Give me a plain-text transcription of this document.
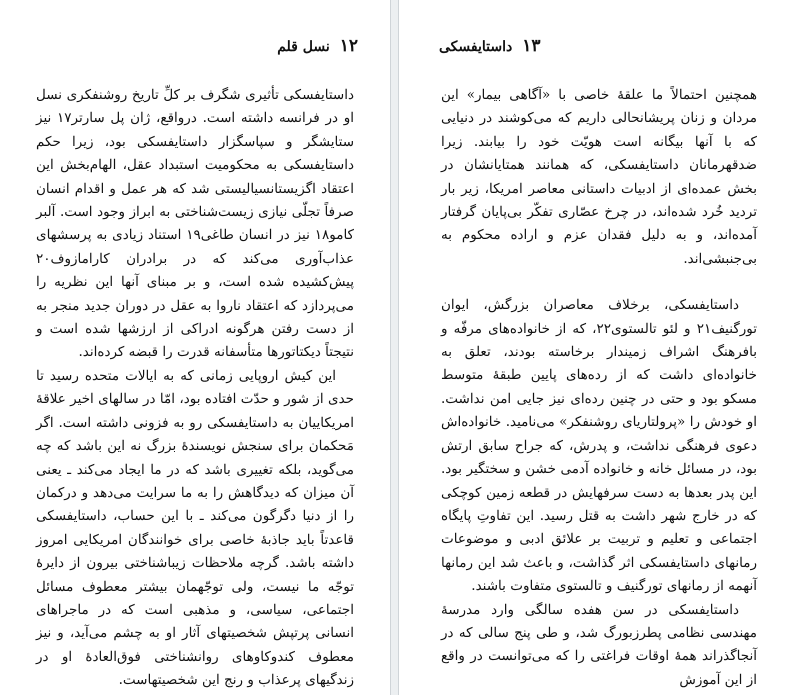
۱۲نسل قلم

داستایفسکی تأثیری شگرف بر کلِّ تاریخ روشنفکری نسل او در فرانسه داشته است. درواقع، ژان پل سارتر۱۷ نیز ستایشگر و سپاسگزار داستایفسکی بود، زیرا حکم داستایفسکی به محکومیت استبداد عقل، الهام‌بخش این اعتقاد اگزیستانسیالیستی شد که هر عمل و اقدام انسان صرفاً تجلّی نیازی زیست‌شناختی به ابراز وجود است. آلبر کامو۱۸ نیز در انسان طاغی۱۹ استناد زیادی به پرسشهای عذاب‌آوری می‌کند که در برادران کارامازوف۲۰ پیش‌کشیده شده است، و بر مبنای آنها این نظریه را می‌پردازد که اعتقاد ناروا به عقل در دوران جدید منجر به از دست رفتن هرگونه ادراکی از ارزشها شده است و نتیجتاً دیکتاتورها متأسفانه قدرت را قبضه کرده‌اند.

این کیش اروپایی زمانی که به ایالات متحده رسید تا حدی از شور و حدّت افتاده بود، امّا در سالهای اخیر علاقهٔ امریکاییان به داستایفسکی رو به فزونی داشته است. اگر مَحکمان برای سنجش نویسندهٔ بزرگ نه این باشد که چه می‌گوید، بلکه تغییری باشد که در ما ایجاد می‌کند ـ یعنی آن میزان که دیدگاهش را به ما سرایت می‌دهد و درکمان را از دنیا دگرگون می‌کند ـ با این حساب، داستایفسکی قاعدتاً باید جاذبهٔ خاصی برای خوانندگان امریکایی امروز داشته باشد. گرچه ملاحظات زیباشناختی بیرون از دایرهٔ توجّه ما نیست، ولی توجّهمان بیشتر معطوف مسائل اجتماعی، سیاسی، و مذهبی است که در ماجراهای انسانی پرتپش شخصیتهای آثار او به چشم می‌آید، و نیز معطوف کندوکاوهای روانشناختی فوق‌العادهٔ او در زندگیهای پرعذاب و رنج این شخصیتهاست.

۱۳داستایفسکی

همچنین احتمالاً ما علقهٔ خاصی با «آگاهی بیمار» این مردان و زنان پریشانحالی داریم که می‌کوشند در دنیایی که با آنها بیگانه است هویّت خود را بیابند. زیرا ضدقهرمانان داستایفسکی، که همانند همتایانشان در بخش عمده‌ای از ادبیات داستانی معاصر امریکا، زیر بار تردید خُرد شده‌اند، در چرخ عصّاری تفکّر بی‌پایان گرفتار آمده‌اند، و به دلیل فقدان عزم و اراده محکوم به بی‌جنبشی‌اند.

داستایفسکی، برخلاف معاصران بزرگش، ایوان تورگنیف۲۱ و لئو تالستوی۲۲، که از خانواده‌های مرفّه و بافرهنگ اشراف زمیندار برخاسته بودند، تعلق به خانواده‌ای داشت که از رده‌های پایین طبقهٔ متوسط مسکو بود و حتی در چنین رده‌ای نیز جایی امن نداشت. او خودش را «پرولتاریای روشنفکر» می‌نامید. خانواده‌اش دعوی فرهنگی نداشت، و پدرش، که جراح سابق ارتش بود، در مسائل خانه و خانواده آدمی خشن و سختگیر بود. این پدر بعدها به دست سرفهایش در قطعه زمین کوچکی که در خارج شهر داشت به قتل رسید. این تفاوتِ پایگاه اجتماعی و تعلیم و تربیت بر علائق ادبی و موضوعات رمانهای داستایفسکی اثر گذاشت، و باعث شد این رمانها آنهمه از رمانهای تورگنیف و تالستوی متفاوت باشند.

داستایفسکی در سن هفده سالگی وارد مدرسهٔ مهندسی نظامی پطرزبورگ شد، و طی پنج سالی که در آنجاگذراند همهٔ اوقات فراغتی را که می‌توانست در واقع از این آموزش
